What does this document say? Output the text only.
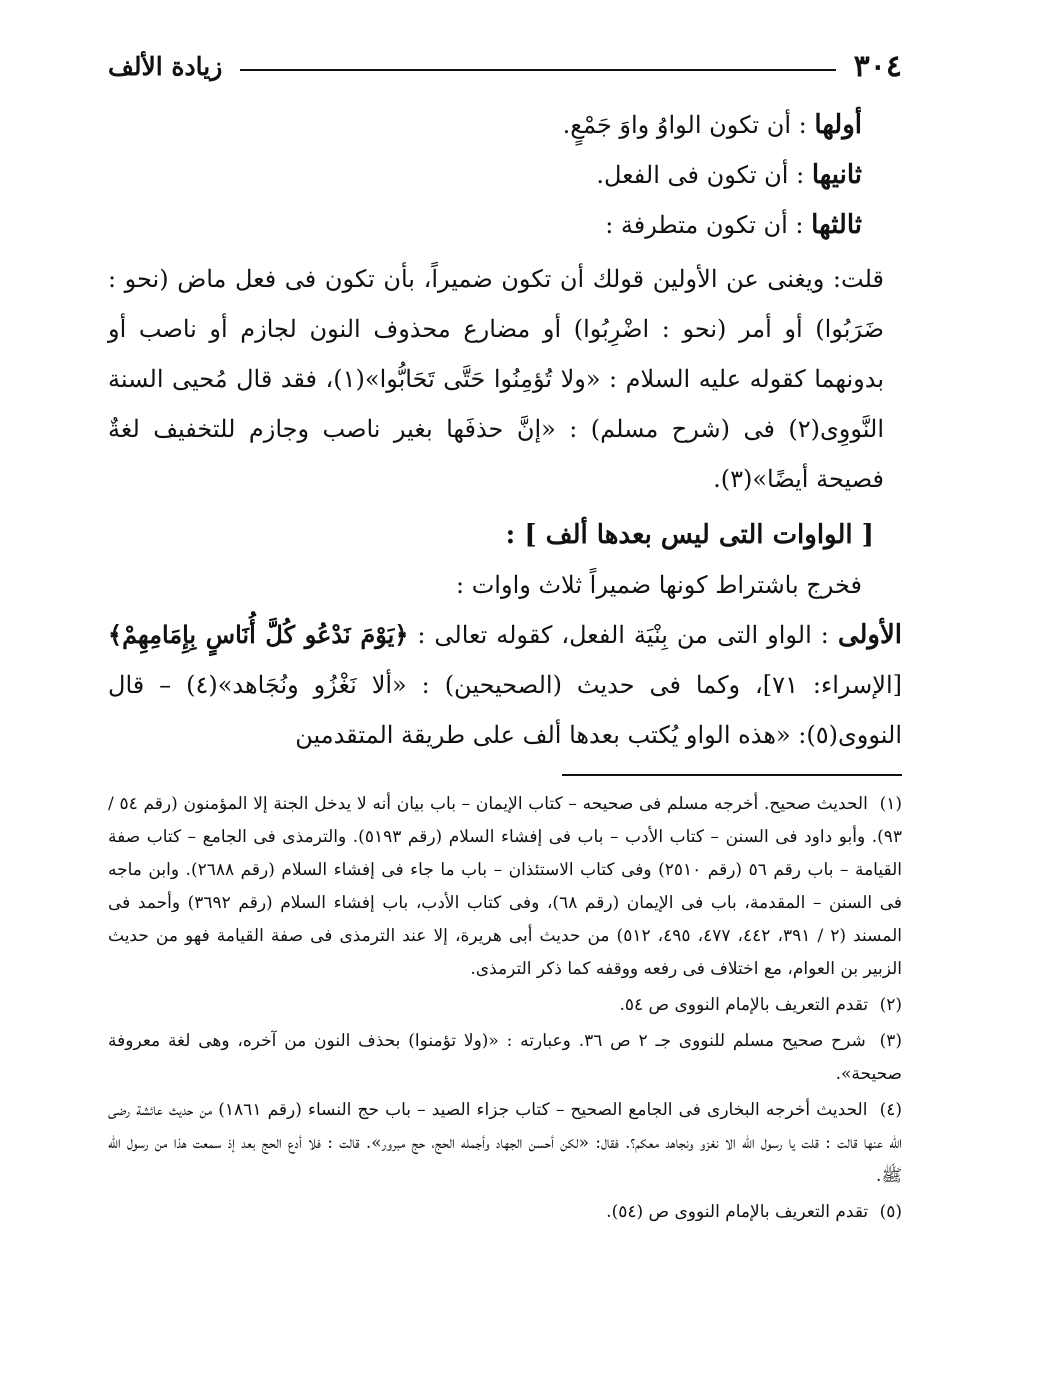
٣٠٤
زيادة الألف

أولها : أن تكون الواوُ واوَ جَمْعٍ.

ثانيها : أن تكون فى الفعل.

ثالثها : أن تكون متطرفة :

قلت: ويغنى عن الأولين قولك أن تكون ضميراً، بأن تكون فى فعل ماض (نحو : ضَرَبُوا) أو أمر (نحو : اضْرِبُوا) أو مضارع محذوف النون لجازم أو ناصب أو بدونهما كقوله عليه السلام : «ولا تُؤمِنُوا حَتَّى تَحَابُّوا»(١)، فقد قال مُحيى السنة النَّووِى(٢) فى (شرح مسلم) : «إنَّ حذفَها بغير ناصب وجازم للتخفيف لغةٌ فصيحة أيضًا»(٣).

[ الواوات التى ليس بعدها ألف ] :

فخرج باشتراط كونها ضميراً ثلاث واوات :

الأولى : الواو التى من بِنْيَة الفعل، كقوله تعالى : ﴿يَوْمَ نَدْعُو كُلَّ أُنَاسٍ بِإِمَامِهِمْ﴾ [الإسراء: ٧١]، وكما فى حديث (الصحيحين) : «ألا نَغْزُو ونُجَاهد»(٤) – قال النووى(٥): «هذه الواو يُكتب بعدها ألف على طريقة المتقدمين

(١) الحديث صحيح. أخرجه مسلم فى صحيحه – كتاب الإيمان – باب بيان أنه لا يدخل الجنة إلا المؤمنون (رقم ٥٤ / ٩٣). وأبو داود فى السنن – كتاب الأدب – باب فى إفشاء السلام (رقم ٥١٩٣). والترمذى فى الجامع – كتاب صفة القيامة – باب رقم ٥٦ (رقم ٢٥١٠) وفى كتاب الاستئذان – باب ما جاء فى إفشاء السلام (رقم ٢٦٨٨). وابن ماجه فى السنن – المقدمة، باب فى الإيمان (رقم ٦٨)، وفى كتاب الأدب، باب إفشاء السلام (رقم ٣٦٩٢) وأحمد فى المسند (٢ / ٣٩١، ٤٤٢، ٤٧٧، ٤٩٥، ٥١٢) من حديث أبى هريرة، إلا عند الترمذى فى صفة القيامة فهو من حديث الزبير بن العوام، مع اختلاف فى رفعه ووقفه كما ذكر الترمذى.

(٢) تقدم التعريف بالإمام النووى ص ٥٤.

(٣) شرح صحيح مسلم للنووى جـ ٢ ص ٣٦. وعبارته : «(ولا تؤمنوا) بحذف النون من آخره، وهى لغة معروفة صحيحة».

(٤) الحديث أخرجه البخارى فى الجامع الصحيح – كتاب جزاء الصيد – باب حج النساء (رقم ١٨٦١) من حديث عائشة رضى الله عنها قالت : قلت يا رسول الله الا نغزو ونجاهد معكم؟. فقال: «لكن أحسن الجهاد وأجمله الحج، حج مبرور». قالت : فلا أدع الحج بعد إذ سمعت هذا من رسول الله ﷺ.

(٥) تقدم التعريف بالإمام النووى ص (٥٤).
